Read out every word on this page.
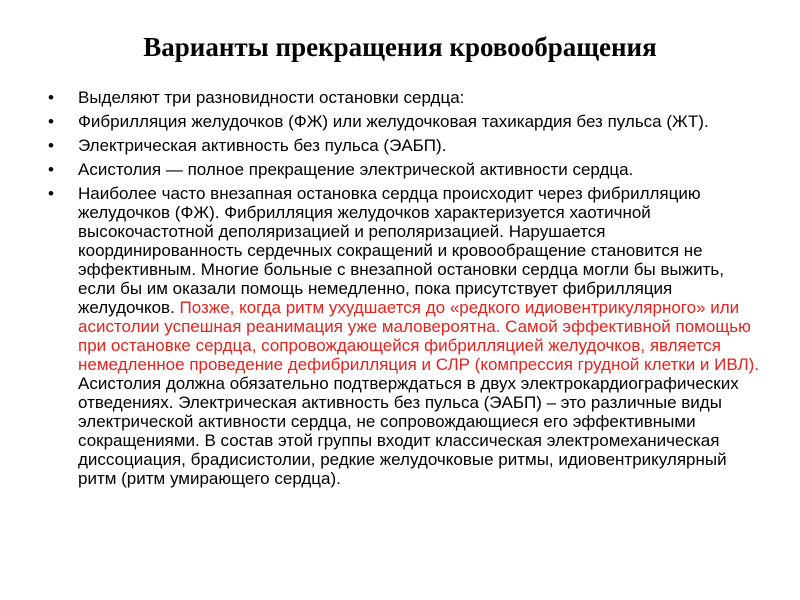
Варианты прекращения кровообращения
•	Выделяют три разновидности остановки сердца:
•	Фибрилляция желудочков (ФЖ) или желудочковая тахикардия без пульса (ЖТ).
•	Электрическая активность без пульса (ЭАБП).
•	Асистолия — полное прекращение электрической активности сердца.
•	Наиболее часто внезапная остановка сердца происходит через фибрилляцию желудочков (ФЖ). Фибрилляция желудочков характеризуется хаотичной высокочастотной деполяризацией и реполяризацией. Нарушается координированность сердечных сокращений и кровообращение становится не эффективным. Многие больные с внезапной остановки сердца могли бы выжить, если бы им оказали помощь немедленно, пока присутствует фибрилляция желудочков. Позже, когда ритм ухудшается до «редкого идиовентрикулярного» или асистолии успешная реанимация уже маловероятна. Самой эффективной помощью при остановке сердца, сопровождающейся фибрилляцией желудочков, является немедленное проведение дефибрилляция и СЛР (компрессия грудной клетки и ИВЛ). Асистолия должна обязательно подтверждаться в двух электрокардиографических отведениях. Электрическая активность без пульса (ЭАБП) – это различные виды электрической активности сердца, не сопровождающиеся его эффективными сокращениями. В состав этой группы входит классическая электромеханическая диссоциация, брадисистолии, редкие желудочковые ритмы, идиовентрикулярный ритм (ритм умирающего сердца).
